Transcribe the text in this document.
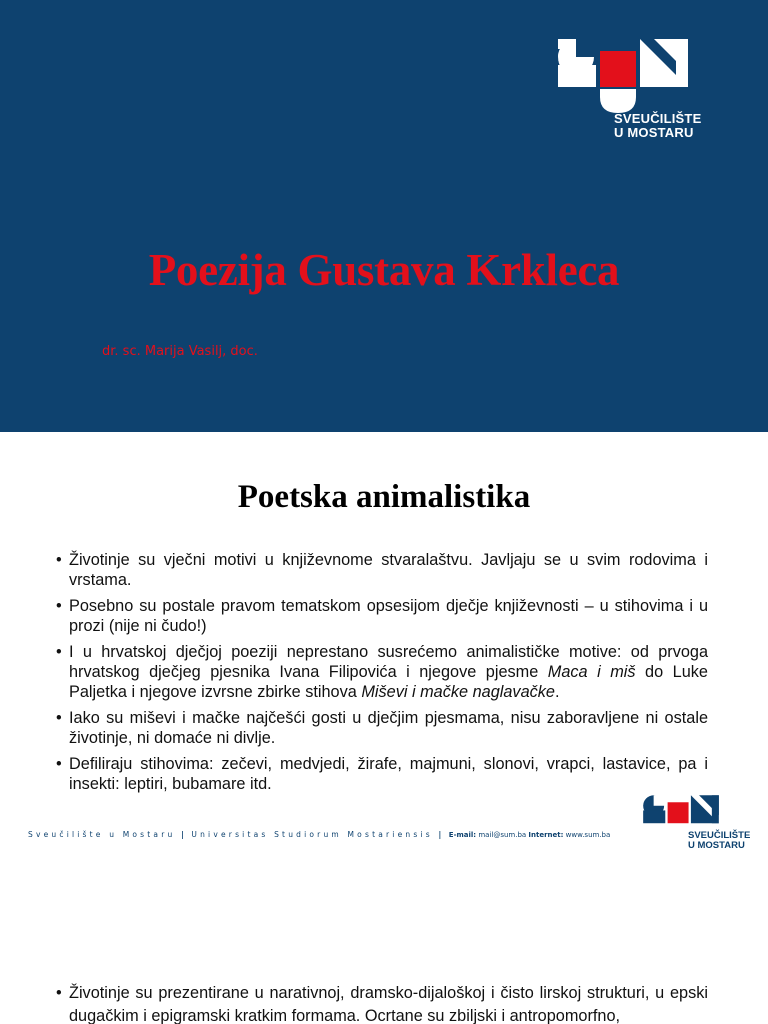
SVEUČILIŠTE
U MOSTARU
Poezija Gustava Krkleca
dr. sc. Marija Vasilj, doc.
Poetska animalistika
• Životinje su vječni motivi u književnome stvaralaštvu. Javljaju se u svim rodovima i vrstama.
• Posebno su postale pravom tematskom opsesijom dječje književnosti – u stihovima i u prozi (nije ni čudo!)
• I u hrvatskoj dječjoj poeziji neprestano susrećemo animalističke motive: od prvoga hrvatskog dječjeg pjesnika Ivana Filipovića i njegove pjesme Maca i miš do Luke Paljetka i njegove izvrsne zbirke stihova Miševi i mačke naglavačke.
• Iako su miševi i mačke najčešći gosti u dječjim pjesmama, nisu zaboravljene ni ostale životinje, ni domaće ni divlje.
• Defiliraju stihovima: zečevi, medvjedi, žirafe, majmuni, slonovi, vrapci, lastavice, pa i insekti: leptiri, bubamare itd.
SVEUČILIŠTE
U MOSTARU
Sveučilište u Mostaru | Universitas Studiorum Mostariensis | E-mail: mail@sum.ba Internet: www.sum.ba
• Životinje su prezentirane u narativnoj, dramsko-dijaloškoj i čisto lirskoj strukturi, u epski dugačkim i epigramski kratkim formama. Ocrtane su zbiljski i antropomorfno,
